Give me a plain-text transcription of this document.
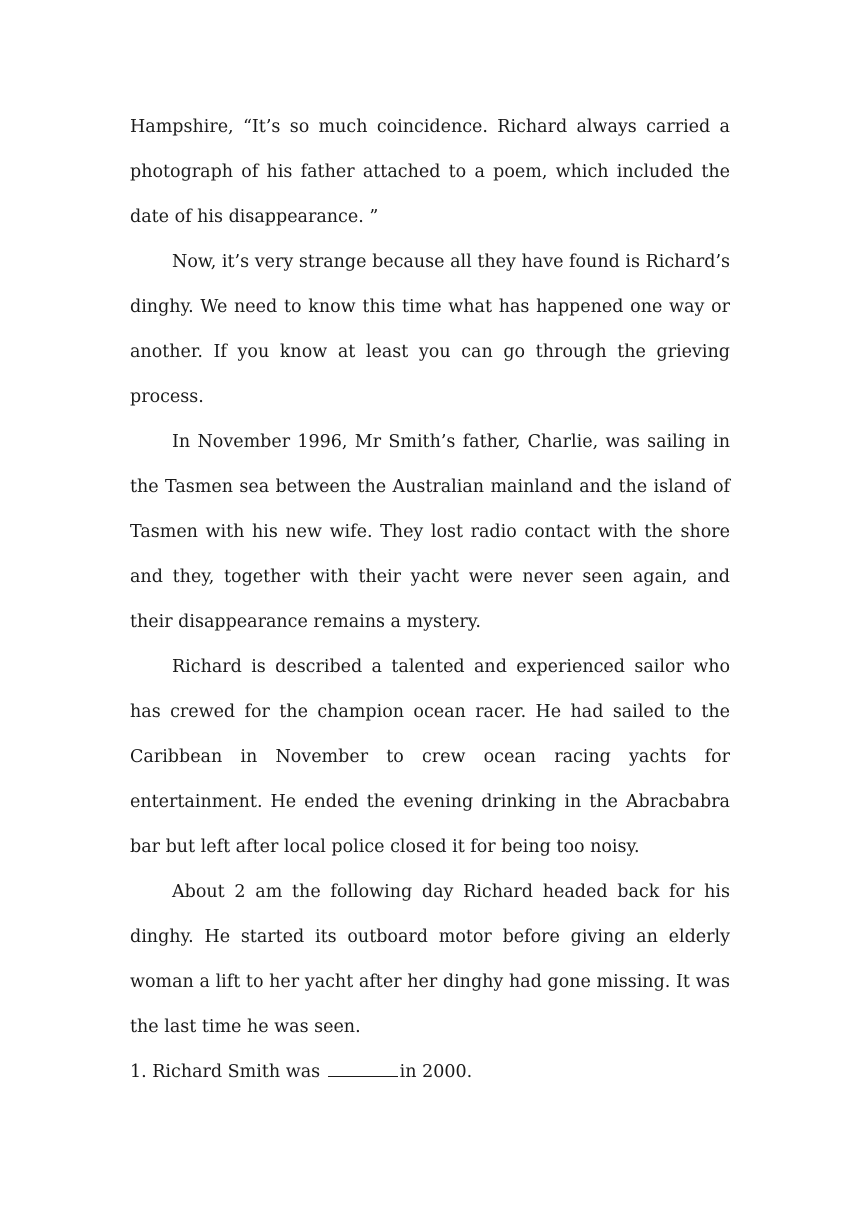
Hampshire, “It’s so much coincidence. Richard always carried a photograph of his father attached to a poem, which included the date of his disappearance. ”

Now, it’s very strange because all they have found is Richard’s dinghy. We need to know this time what has happened one way or another. If you know at least you can go through the grieving process.

In November 1996, Mr Smith’s father, Charlie, was sailing in the Tasmen sea between the Australian mainland and the island of Tasmen with his new wife. They lost radio contact with the shore and they, together with their yacht were never seen again, and their disappearance remains a mystery.

Richard is described a talented and experienced sailor who has crewed for the champion ocean racer. He had sailed to the Caribbean in November to crew ocean racing yachts for entertainment. He ended the evening drinking in the Abracbabra bar but left after local police closed it for being too noisy.

About 2 am the following day Richard headed back for his dinghy. He started its outboard motor before giving an elderly woman a lift to her yacht after her dinghy had gone missing. It was the last time he was seen.

1. Richard Smith was	in 2000.
